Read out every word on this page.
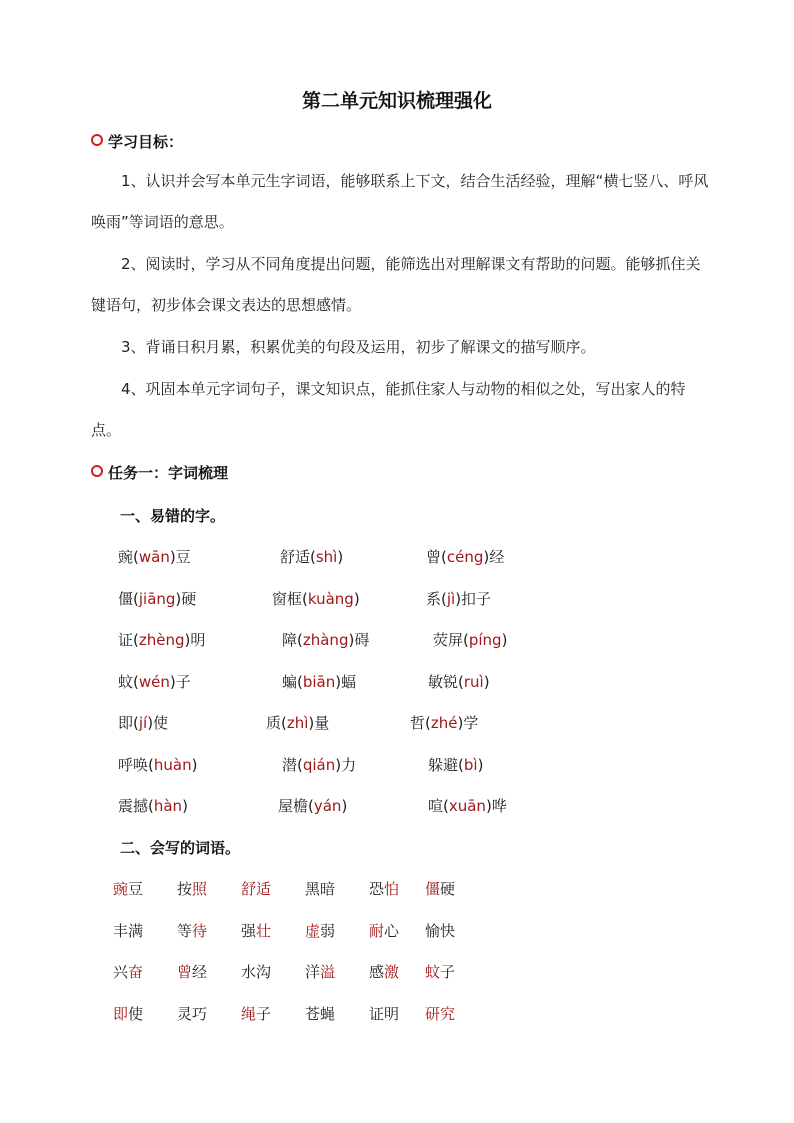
第二单元知识梳理强化
学习目标：
1、认识并会写本单元生字词语，能够联系上下文，结合生活经验，理解“横七竖八、呼风唤雨”等词语的意思。
2、阅读时，学习从不同角度提出问题，能筛选出对理解课文有帮助的问题。能够抓住关键语句，初步体会课文表达的思想感情。
3、背诵日积月累，积累优美的句段及运用，初步了解课文的描写顺序。
4、巩固本单元字词句子，课文知识点，能抓住家人与动物的相似之处，写出家人的特点。
任务一：字词梳理
一、易错的字。
豌(wān)豆	舒适(shì)	曾(céng)经
僵(jiāng)硬	窗框(kuàng)	系(jì)扣子
证(zhèng)明	障(zhàng)碍	荧屏(píng)
蚊(wén)子	蝙(biān)蝠	敏锐(ruì)
即(jí)使	质(zhì)量	哲(zhé)学
呼唤(huàn)	潜(qián)力	躲避(bì)
震撼(hàn)	屋檐(yán)	喧(xuān)哗
二、会写的词语。
豌豆 按照 舒适 黑暗 恐怕 僵硬
丰满 等待 强壮 虚弱 耐心 愉快
兴奋 曾经 水沟 洋溢 感激 蚊子
即使 灵巧 绳子 苍蝇 证明 研究
